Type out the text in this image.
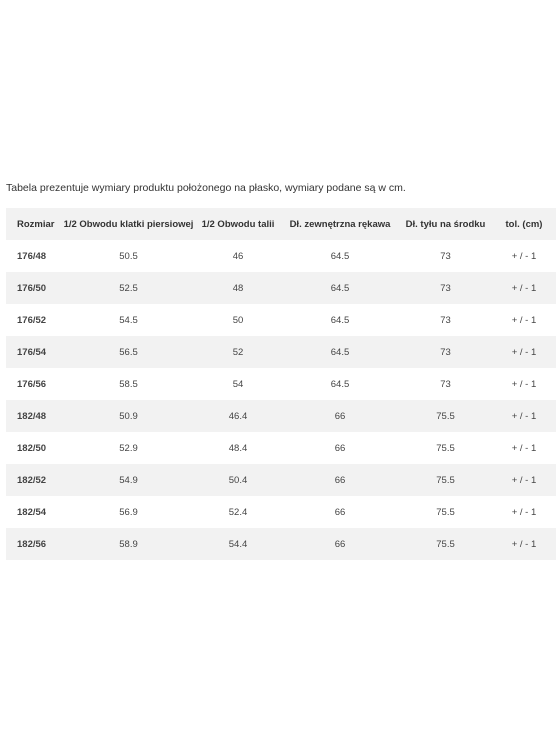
Tabela prezentuje wymiary produktu położonego na płasko, wymiary podane są w cm.
Rozmiar	1/2 Obwodu klatki piersiowej	1/2 Obwodu talii	Dł. zewnętrzna rękawa	Dł. tyłu na środku	tol. (cm)
176/48	50.5	46	64.5	73	+ / - 1
176/50	52.5	48	64.5	73	+ / - 1
176/52	54.5	50	64.5	73	+ / - 1
176/54	56.5	52	64.5	73	+ / - 1
176/56	58.5	54	64.5	73	+ / - 1
182/48	50.9	46.4	66	75.5	+ / - 1
182/50	52.9	48.4	66	75.5	+ / - 1
182/52	54.9	50.4	66	75.5	+ / - 1
182/54	56.9	52.4	66	75.5	+ / - 1
182/56	58.9	54.4	66	75.5	+ / - 1
